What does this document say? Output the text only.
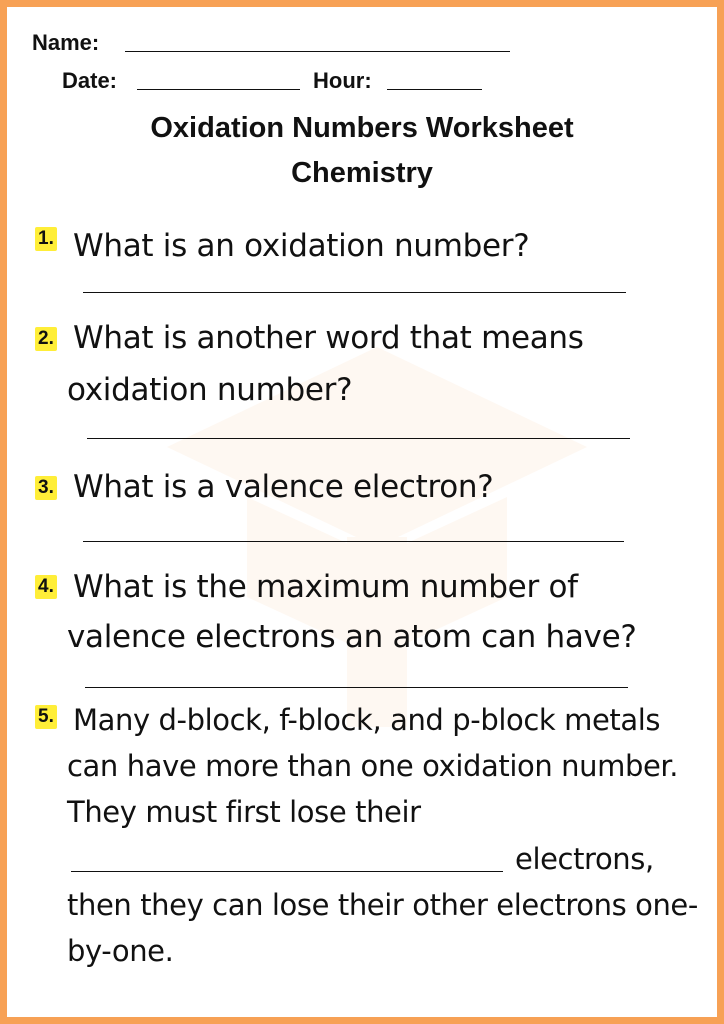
Name:
Date:	Hour:
Oxidation Numbers Worksheet
Chemistry
1. What is an oxidation number?
2. What is another word that means
oxidation number?
3. What is a valence electron?
4. What is the maximum number of
valence electrons an atom can have?
5. Many d-block, f-block, and p-block metals
can have more than one oxidation number.
They must first lose their
electrons,
then they can lose their other electrons one-
by-one.
